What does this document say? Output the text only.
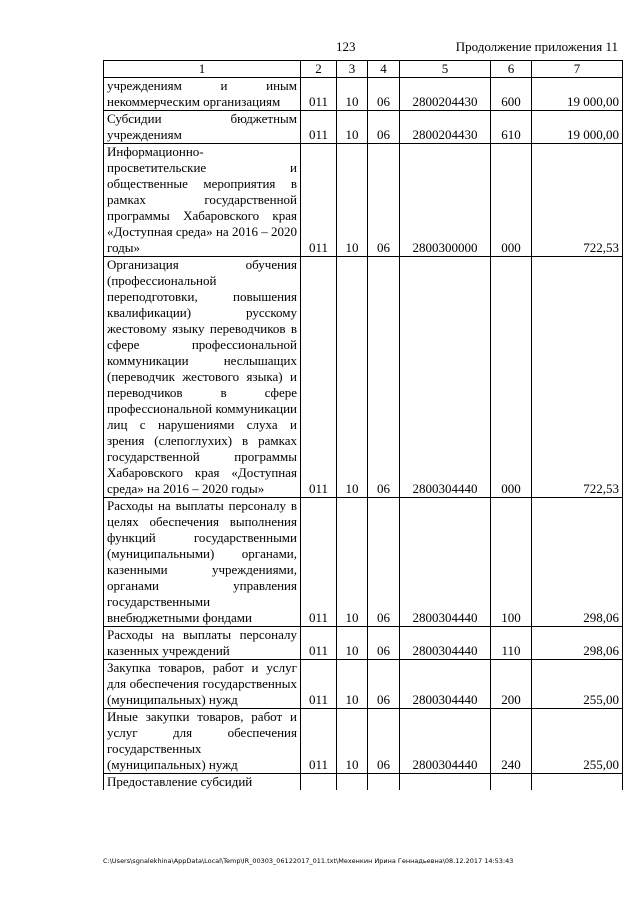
123	Продолжение приложения 11
1	2	3	4	5	6	7
учреждениям и иным некоммерческим организациям	011	10	06	2800204430	600	19 000,00
Субсидии бюджетным учреждениям	011	10	06	2800204430	610	19 000,00
Информационно-просветительские и общественные мероприятия в рамках государственной программы Хабаровского края «Доступная среда» на 2016 – 2020 годы»	011	10	06	2800300000	000	722,53
Организация обучения (профессиональной переподготовки, повышения квалификации) русскому жестовому языку переводчиков в сфере профессиональной коммуникации неслышащих (переводчик жестового языка) и переводчиков в сфере профессиональной коммуникации лиц с нарушениями слуха и зрения (слепоглухих) в рамках государственной программы Хабаровского края «Доступная среда» на 2016 – 2020 годы»	011	10	06	2800304440	000	722,53
Расходы на выплаты персоналу в целях обеспечения выполнения функций государственными (муниципальными) органами, казенными учреждениями, органами управления государственными внебюджетными фондами	011	10	06	2800304440	100	298,06
Расходы на выплаты персоналу казенных учреждений	011	10	06	2800304440	110	298,06
Закупка товаров, работ и услуг для обеспечения государственных (муниципальных) нужд	011	10	06	2800304440	200	255,00
Иные закупки товаров, работ и услуг для обеспечения государственных (муниципальных) нужд	011	10	06	2800304440	240	255,00
Предоставление субсидий						
C:\Users\sgnalekhina\AppData\Local\Temp\IR_00303_06122017_011.txt\Мехенкин Ирина Геннадьевна\08.12.2017 14:53:43
